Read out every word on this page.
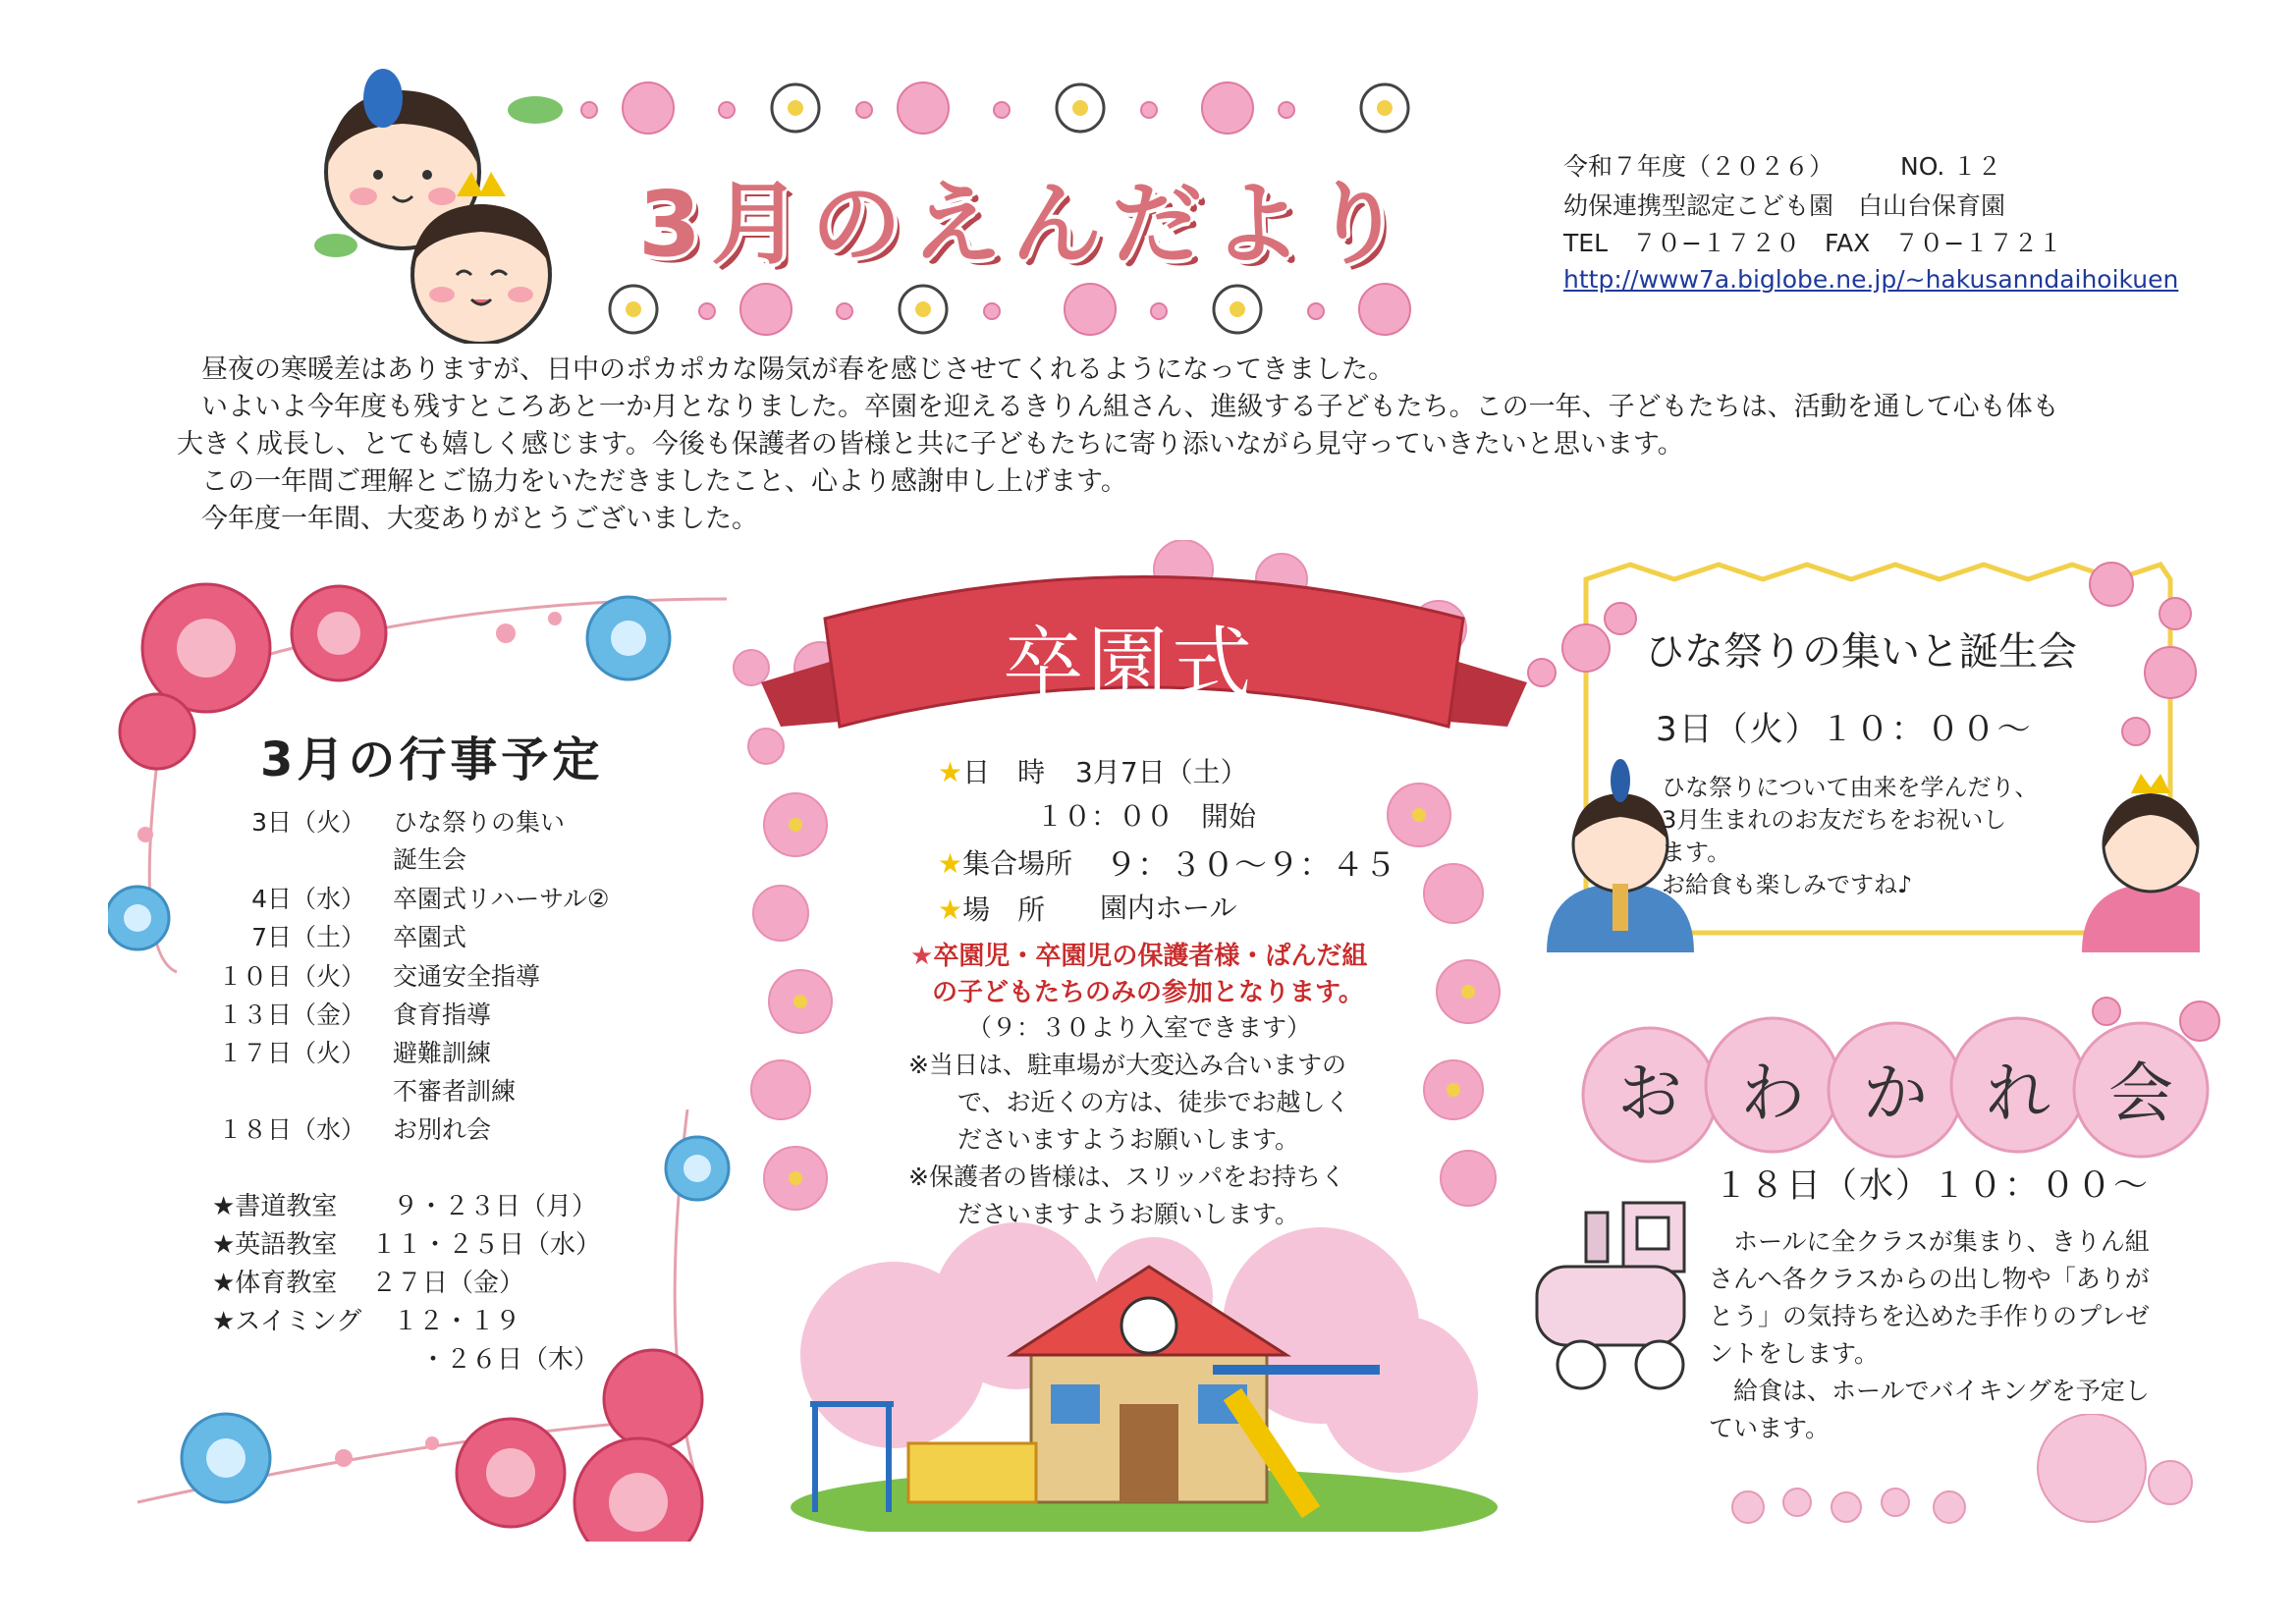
3月のえんだより
令和７年度（２０２６）	NO. １２
幼保連携型認定こども園　白山台保育園
TEL　７０−１７２０　FAX　７０−１７２１
http://www7a.biglobe.ne.jp/~hakusanndaihoikuen
昼夜の寒暖差はありますが、日中のポカポカな陽気が春を感じさせてくれるようになってきました。
いよいよ今年度も残すところあと一か月となりました。卒園を迎えるきりん組さん、進級する子どもたち。この一年、子どもたちは、活動を通して心も体も
大きく成長し、とても嬉しく感じます。今後も保護者の皆様と共に子どもたちに寄り添いながら見守っていきたいと思います。
この一年間ご理解とご協力をいただきましたこと、心より感謝申し上げます。
今年度一年間、大変ありがとうございました。
3月の行事予定
3日（火） ひな祭りの集い
誕生会
4日（水） 卒園式リハーサル②
7日（土） 卒園式
１０日（火） 交通安全指導
１３日（金） 食育指導
１７日（火） 避難訓練
不審者訓練
１８日（水） お別れ会
★書道教室 ９・２３日（月）
★英語教室 １１・２５日（水）
★体育教室 ２７日（金）
★スイミング １２・１９
・２６日（木）
卒園式
★日　時 3月7日（土）
１０：００　開始
★集合場所 ９：３０〜９：４５
★場　所 園内ホール
★卒園児・卒園児の保護者様・ぱんだ組
の子どもたちのみの参加となります。
（９：３０より入室できます）
※当日は、駐車場が大変込み合いますの
で、お近くの方は、徒歩でお越しく
ださいますようお願いします。
※保護者の皆様は、スリッパをお持ちく
ださいますようお願いします。
ひな祭りの集いと誕生会
3日（火）１０：００〜
ひな祭りについて由来を学んだり、
3月生まれのお友だちをお祝いし
ます。
お給食も楽しみですね♪
お わ か れ 会
１８日（水）１０：００〜
ホールに全クラスが集まり、きりん組
さんへ各クラスからの出し物や「ありが
とう」の気持ちを込めた手作りのプレゼ
ントをします。
給食は、ホールでバイキングを予定し
ています。
